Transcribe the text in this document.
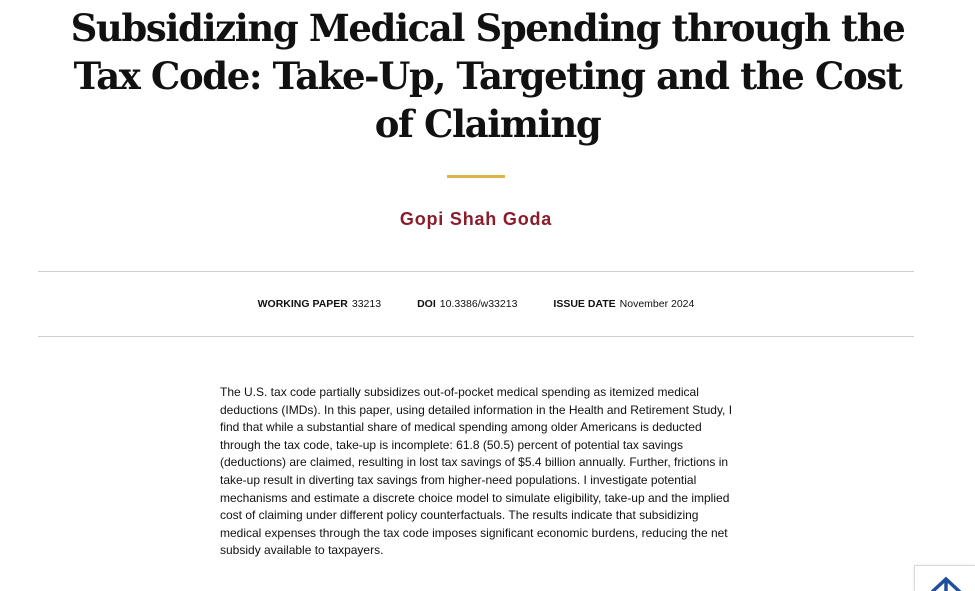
Subsidizing Medical Spending through the Tax Code: Take-Up, Targeting and the Cost of Claiming
Gopi Shah Goda
WORKING PAPER 33213	DOI 10.3386/w33213	ISSUE DATE November 2024

The U.S. tax code partially subsidizes out-of-pocket medical spending as itemized medical deductions (IMDs). In this paper, using detailed information in the Health and Retirement Study, I find that while a substantial share of medical spending among older Americans is deducted through the tax code, take-up is incomplete: 61.8 (50.5) percent of potential tax savings (deductions) are claimed, resulting in lost tax savings of $5.4 billion annually. Further, frictions in take-up result in diverting tax savings from higher-need populations. I investigate potential mechanisms and estimate a discrete choice model to simulate eligibility, take-up and the implied cost of claiming under different policy counterfactuals. The results indicate that subsidizing medical expenses through the tax code imposes significant economic burdens, reducing the net subsidy available to taxpayers.
